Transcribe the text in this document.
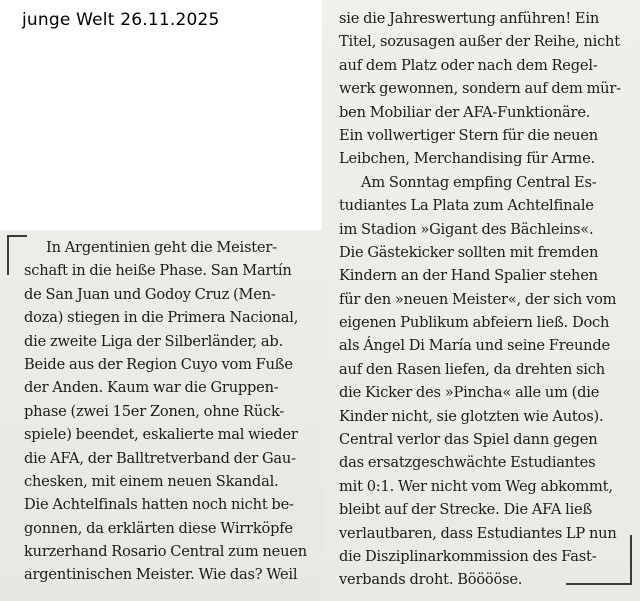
junge Welt 26.11.2025
In Argentinien geht die Meister-
schaft in die heiße Phase. San Martín
de San Juan und Godoy Cruz (Men-
doza) stiegen in die Primera Nacional,
die zweite Liga der Silberländer, ab.
Beide aus der Region Cuyo vom Fuße
der Anden. Kaum war die Gruppen-
phase (zwei 15er Zonen, ohne Rück-
spiele) beendet, eskalierte mal wieder
die AFA, der Balltretverband der Gau-
chesken, mit einem neuen Skandal.
Die Achtelfinals hatten noch nicht be-
gonnen, da erklärten diese Wirrköpfe
kurzerhand Rosario Central zum neuen
argentinischen Meister. Wie das? Weil
sie die Jahreswertung anführen! Ein
Titel, sozusagen außer der Reihe, nicht
auf dem Platz oder nach dem Regel-
werk gewonnen, sondern auf dem mür-
ben Mobiliar der AFA-Funktionäre.
Ein vollwertiger Stern für die neuen
Leibchen, Merchandising für Arme.
Am Sonntag empfing Central Es-
tudiantes La Plata zum Achtelfinale
im Stadion »Gigant des Bächleins«.
Die Gästekicker sollten mit fremden
Kindern an der Hand Spalier stehen
für den »neuen Meister«, der sich vom
eigenen Publikum abfeiern ließ. Doch
als Ángel Di María und seine Freunde
auf den Rasen liefen, da drehten sich
die Kicker des »Pincha« alle um (die
Kinder nicht, sie glotzten wie Autos).
Central verlor das Spiel dann gegen
das ersatzgeschwächte Estudiantes
mit 0:1. Wer nicht vom Weg abkommt,
bleibt auf der Strecke. Die AFA ließ
verlautbaren, dass Estudiantes LP nun
die Disziplinarkommission des Fast-
verbands droht. Bööööse.
